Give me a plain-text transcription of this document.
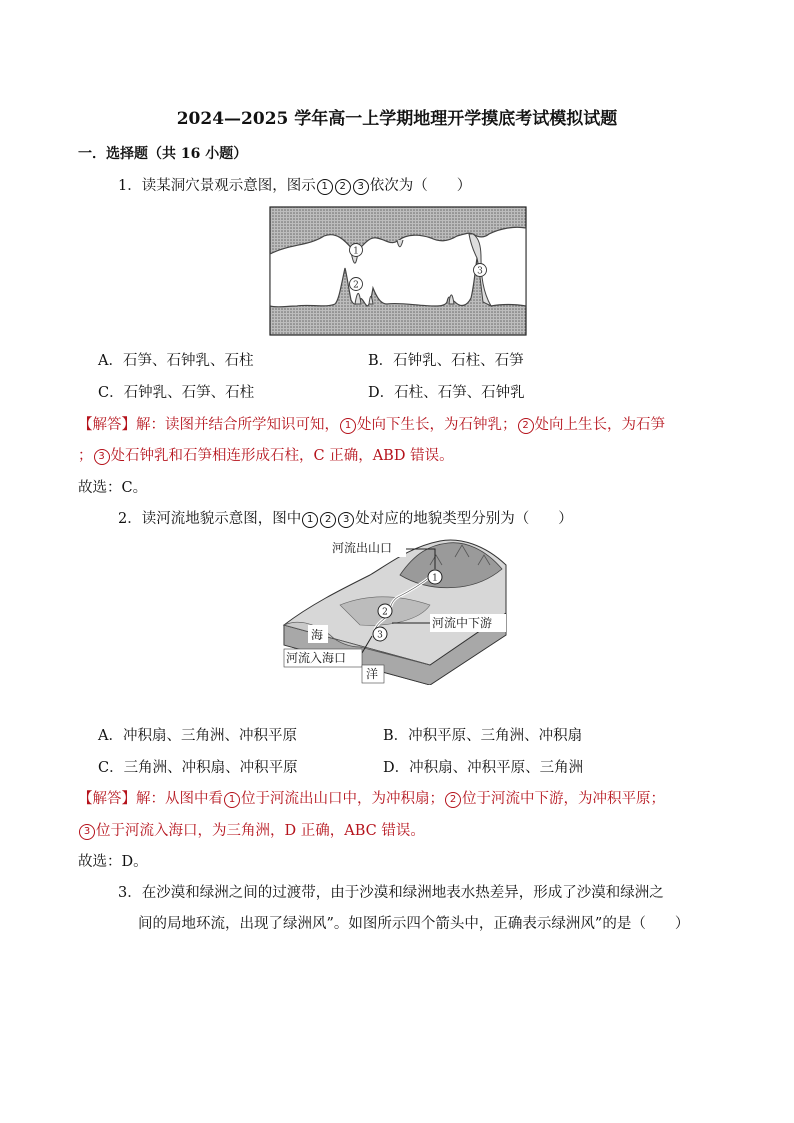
2024—2025 学年高一上学期地理开学摸底考试模拟试题
一．选择题（共 16 小题）
1．读某洞穴景观示意图，图示 1 2 3 依次为（　　）
1
2
3
A．石笋、石钟乳、石柱	B．石钟乳、石柱、石笋
C．石钟乳、石笋、石柱	D．石柱、石笋、石钟乳
【解答】解：读图并结合所学知识可知， 1 处向下生长，为石钟乳； 2 处向上生长，为石笋
； 3 处石钟乳和石笋相连形成石柱，C 正确，ABD 错误。
故选：C。
2．读河流地貌示意图，图中 1 2 3 处对应的地貌类型分别为（　　）
1
2
3
河流出山口
河流中下游
海
河流入海口
洋
A．冲积扇、三角洲、冲积平原	B．冲积平原、三角洲、冲积扇
C．三角洲、冲积扇、冲积平原	D．冲积扇、冲积平原、三角洲
【解答】解：从图中看 1 位于河流出山口中，为冲积扇； 2 位于河流中下游，为冲积平原；
3 位于河流入海口，为三角洲，D 正确，ABC 错误。
故选：D。
3．在沙漠和绿洲之间的过渡带，由于沙漠和绿洲地表水热差异，形成了沙漠和绿洲之
间的局地环流，出现了绿洲风”。如图所示四个箭头中，正确表示绿洲风”的是（　　）
